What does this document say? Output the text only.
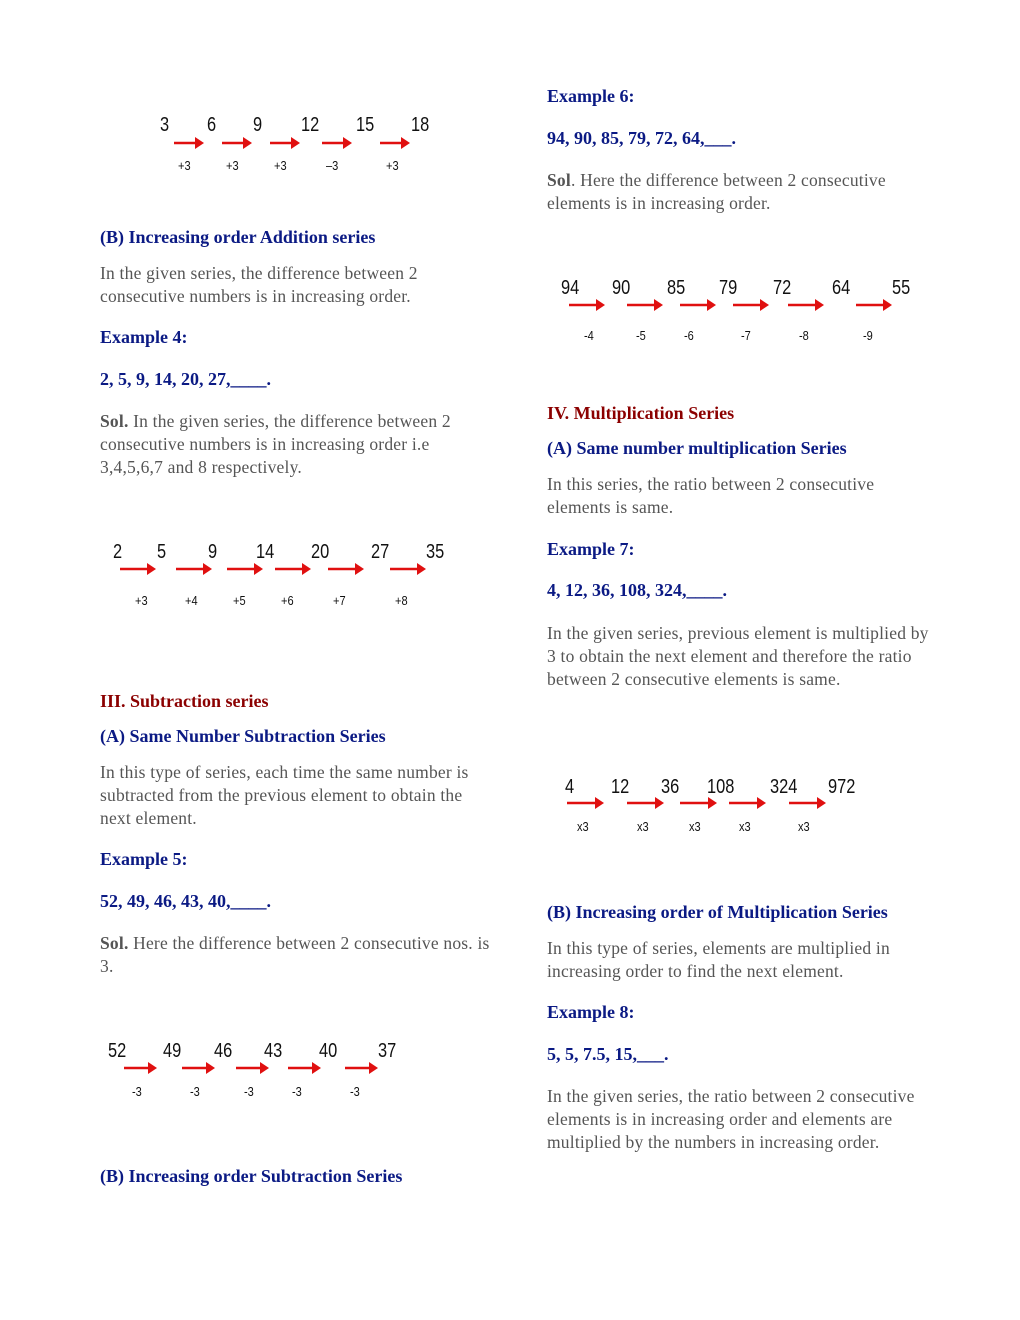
(B) Increasing order Addition series
In the given series, the difference between 2 consecutive numbers is in increasing order.
Example 4:
2, 5, 9, 14, 20, 27,____.
Sol. In the given series, the difference between 2 consecutive numbers is in increasing order i.e 3,4,5,6,7 and 8 respectively.
III. Subtraction series
(A) Same Number Subtraction Series
In this type of series, each time the same number is subtracted from the previous element to obtain the next element.
Example 5:
52, 49, 46, 43, 40,____.
Sol. Here the difference between 2 consecutive nos. is 3.
(B) Increasing order Subtraction Series
Example 6:
94, 90, 85, 79, 72, 64,___.
Sol. Here the difference between 2 consecutive elements is in increasing order.
IV. Multiplication Series
(A) Same number multiplication Series
In this series, the ratio between 2 consecutive elements is same.
Example 7:
4, 12, 36, 108, 324,____.
In the given series, previous element is multiplied by 3 to obtain the next element and therefore the ratio between 2 consecutive elements is same.
(B) Increasing order of Multiplication Series
In this type of series, elements are multiplied in increasing order to find the next element.
Example 8:
5, 5, 7.5, 15,___.
In the given series, the ratio between 2 consecutive elements is in increasing order and elements are multiplied by the numbers in increasing order.
3 6 9 12 15 18
+3	+3	+3	–3	+3
2 5 9 14 20 27 35
+3	+4	+5	+6	+7	+8
52 49 46 43 40 37
-3	-3	-3	-3	-3
94 90 85 79 72 64 55
-4	-5	-6	-7	-8	-9
4 12 36 108 324 972
x3	x3	x3	x3	x3
